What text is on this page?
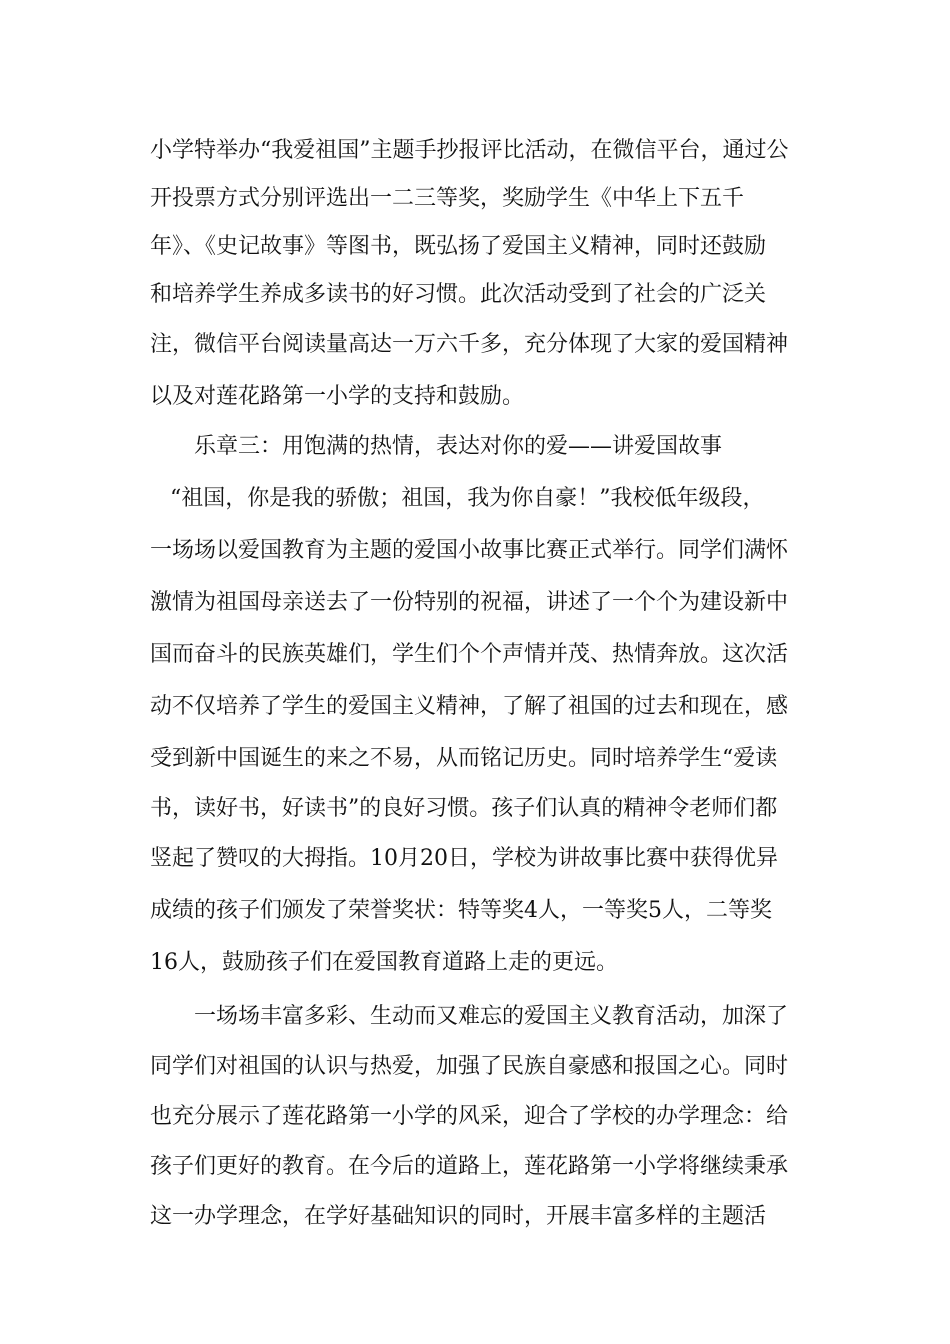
小学特举办“我爱祖国”主题手抄报评比活动，在微信平台，通过公
开投票方式分别评选出一二三等奖，奖励学生《中华上下五千
年》、《史记故事》等图书，既弘扬了爱国主义精神，同时还鼓励
和培养学生养成多读书的好习惯。此次活动受到了社会的广泛关
注，微信平台阅读量高达一万六千多，充分体现了大家的爱国精神
以及对莲花路第一小学的支持和鼓励。
乐章三：用饱满的热情，表达对你的爱——讲爱国故事
“祖国，你是我的骄傲；祖国，我为你自豪！”我校低年级段，
一场场以爱国教育为主题的爱国小故事比赛正式举行。同学们满怀
激情为祖国母亲送去了一份特别的祝福，讲述了一个个为建设新中
国而奋斗的民族英雄们，学生们个个声情并茂、热情奔放。这次活
动不仅培养了学生的爱国主义精神，了解了祖国的过去和现在，感
受到新中国诞生的来之不易，从而铭记历史。同时培养学生“爱读
书，读好书，好读书”的良好习惯。孩子们认真的精神令老师们都
竖起了赞叹的大拇指。10月20日，学校为讲故事比赛中获得优异
成绩的孩子们颁发了荣誉奖状：特等奖4人，一等奖5人，二等奖
16人，鼓励孩子们在爱国教育道路上走的更远。
一场场丰富多彩、生动而又难忘的爱国主义教育活动，加深了
同学们对祖国的认识与热爱，加强了民族自豪感和报国之心。同时
也充分展示了莲花路第一小学的风采，迎合了学校的办学理念：给
孩子们更好的教育。在今后的道路上，莲花路第一小学将继续秉承
这一办学理念，在学好基础知识的同时，开展丰富多样的主题活
